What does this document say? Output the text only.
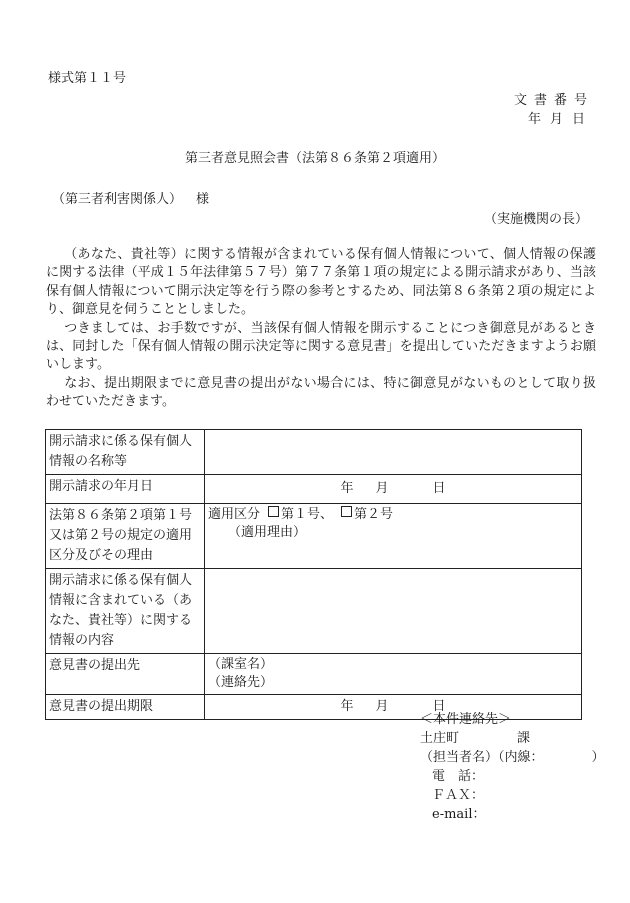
様式第１１号
文書番号
年月日
第三者意見照会書（法第８６条第２項適用）
（第三者利害関係人） 様
（実施機関の長）

（あなた、貴社等）に関する情報が含まれている保有個人情報について、個人情報の保護に関する法律（平成１５年法律第５７号）第７７条第１項の規定による開示請求があり、当該保有個人情報について開示決定等を行う際の参考とするため、同法第８６条第２項の規定により、御意見を伺うこととしました。

つきましては、お手数ですが、当該保有個人情報を開示することにつき御意見があるときは、同封した「保有個人情報の開示決定等に関する意見書」を提出していただきますようお願いします。

なお、提出期限までに意見書の提出がない場合には、特に御意見がないものとして取り扱わせていただきます。

開示請求に係る保有個人情報の名称等	
開示請求の年月日	年 月 日
法第８６条第２項第１号又は第２号の規定の適用区分及びその理由	適用区分 第１号、 第２号
（適用理由）

開示請求に係る保有個人情報に含まれている（あなた、貴社等）に関する情報の内容	
意見書の提出先	（課室名）
（連絡先）

意見書の提出期限	年 月 日
＜本件連絡先＞
土庄町	課
（担当者名）（内線：	）
電　話：
ＦＡＸ：
e-mail：
